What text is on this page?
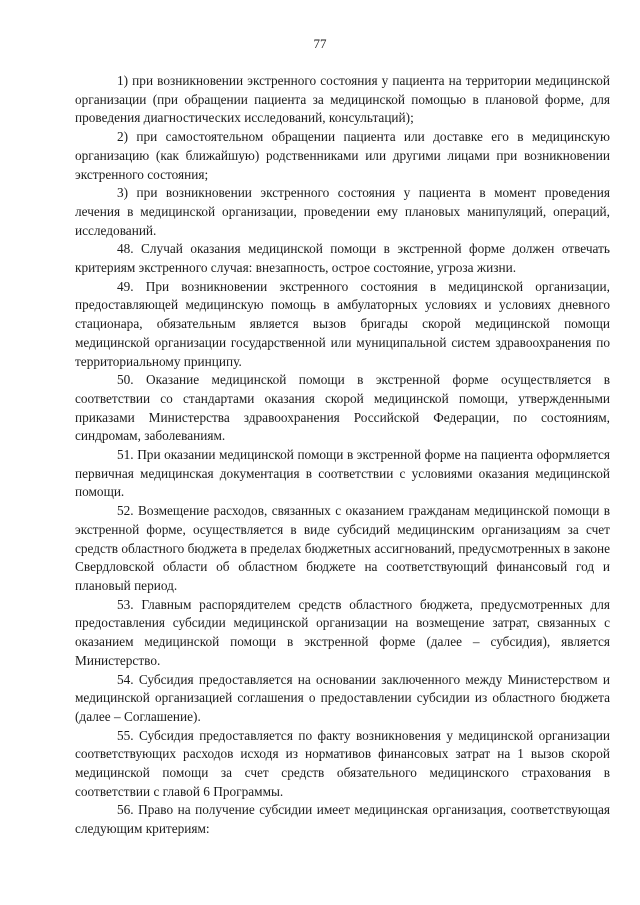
77

1) при возникновении экстренного состояния у пациента на территории медицинской организации (при обращении пациента за медицинской помощью в плановой форме, для проведения диагностических исследований, консультаций);

2) при самостоятельном обращении пациента или доставке его в медицинскую организацию (как ближайшую) родственниками или другими лицами при возникновении экстренного состояния;

3) при возникновении экстренного состояния у пациента в момент проведения лечения в медицинской организации, проведении ему плановых манипуляций, операций, исследований.

48. Случай оказания медицинской помощи в экстренной форме должен отвечать критериям экстренного случая: внезапность, острое состояние, угроза жизни.

49. При возникновении экстренного состояния в медицинской организации, предоставляющей медицинскую помощь в амбулаторных условиях и условиях дневного стационара, обязательным является вызов бригады скорой медицинской помощи медицинской организации государственной или муниципальной систем здравоохранения по территориальному принципу.

50. Оказание медицинской помощи в экстренной форме осуществляется в соответствии со стандартами оказания скорой медицинской помощи, утвержденными приказами Министерства здравоохранения Российской Федерации, по состояниям, синдромам, заболеваниям.

51. При оказании медицинской помощи в экстренной форме на пациента оформляется первичная медицинская документация в соответствии с условиями оказания медицинской помощи.

52. Возмещение расходов, связанных с оказанием гражданам медицинской помощи в экстренной форме, осуществляется в виде субсидий медицинским организациям за счет средств областного бюджета в пределах бюджетных ассигнований, предусмотренных в законе Свердловской области об областном бюджете на соответствующий финансовый год и плановый период.

53. Главным распорядителем средств областного бюджета, предусмотренных для предоставления субсидии медицинской организации на возмещение затрат, связанных с оказанием медицинской помощи в экстренной форме (далее – субсидия), является Министерство.

54. Субсидия предоставляется на основании заключенного между Министерством и медицинской организацией соглашения о предоставлении субсидии из областного бюджета (далее – Соглашение).

55. Субсидия предоставляется по факту возникновения у медицинской организации соответствующих расходов исходя из нормативов финансовых затрат на 1 вызов скорой медицинской помощи за счет средств обязательного медицинского страхования в соответствии с главой 6 Программы.

56. Право на получение субсидии имеет медицинская организация, соответствующая следующим критериям:
